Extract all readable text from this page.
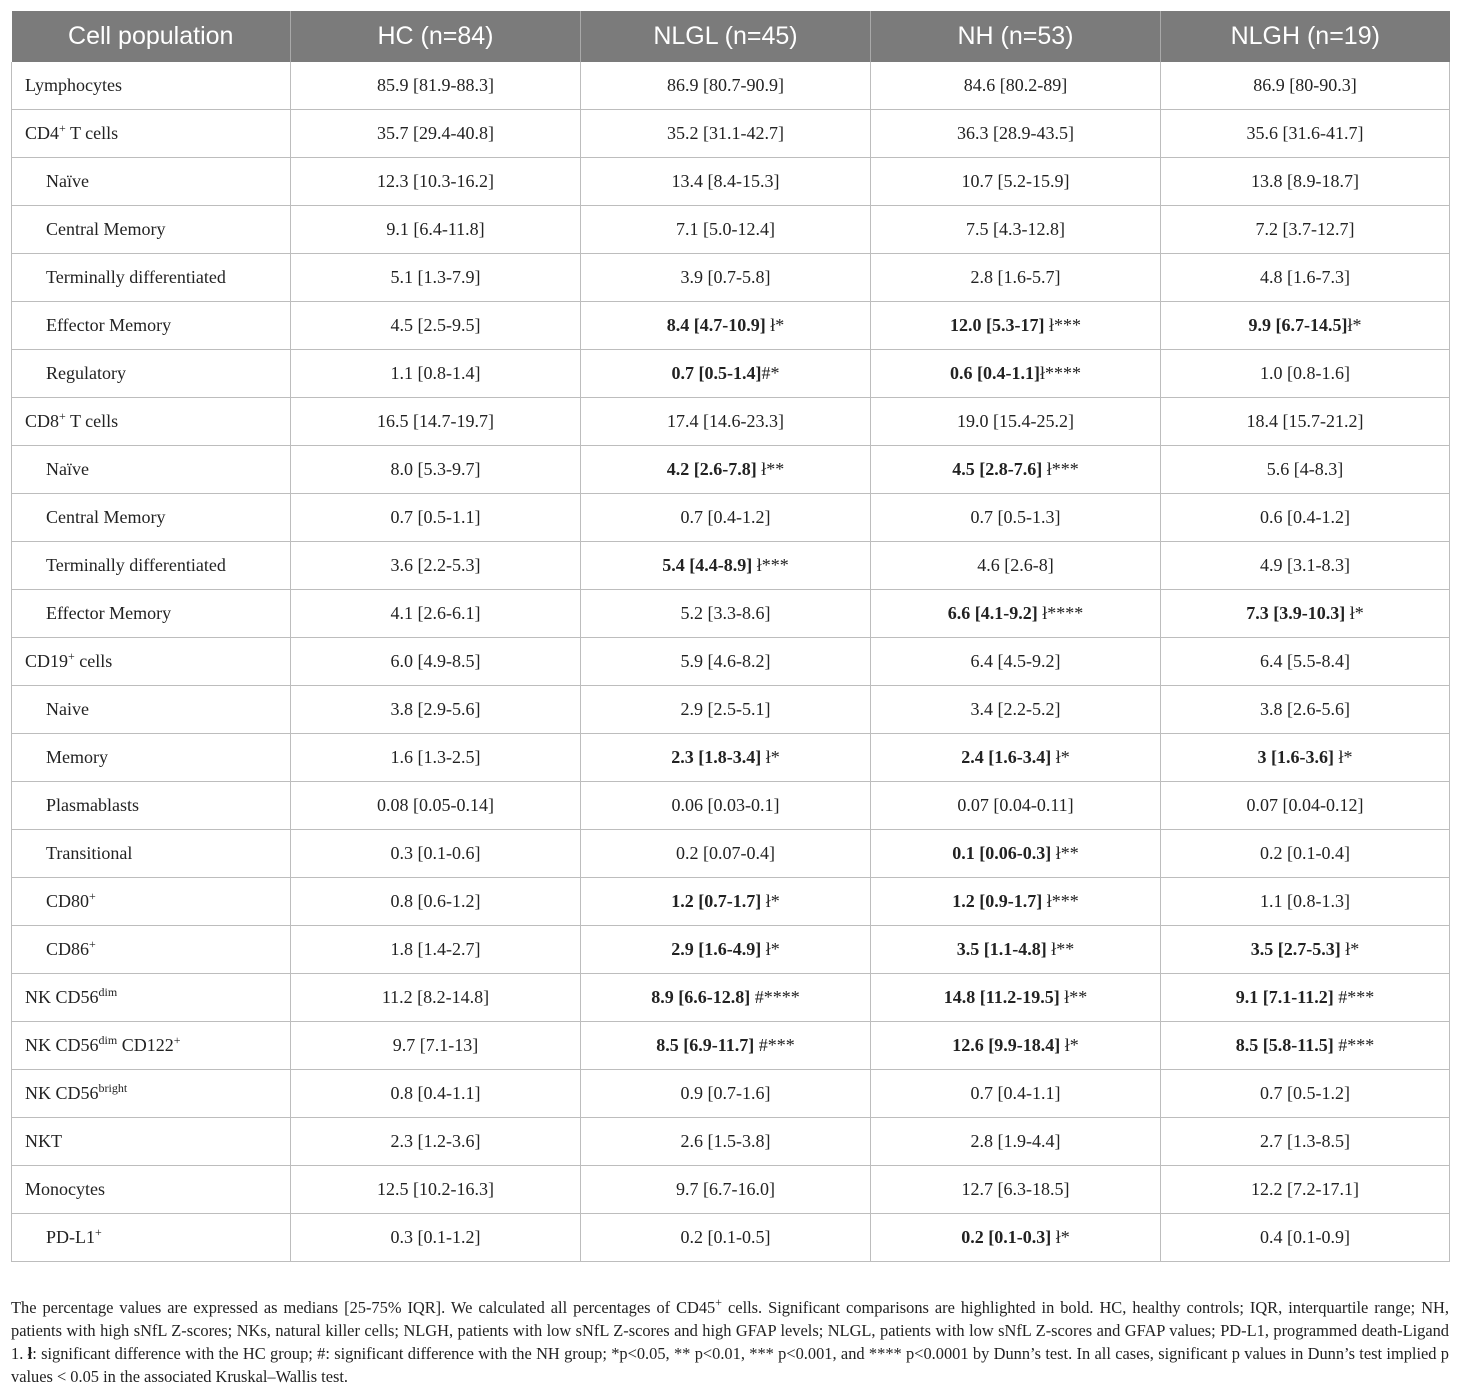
Cell population	HC (n=84)	NLGL (n=45)	NH (n=53)	NLGH (n=19)
Lymphocytes	85.9 [81.9-88.3]	86.9 [80.7-90.9]	84.6 [80.2-89]	86.9 [80-90.3]
CD4+ T cells	35.7 [29.4-40.8]	35.2 [31.1-42.7]	36.3 [28.9-43.5]	35.6 [31.6-41.7]
Naïve	12.3 [10.3-16.2]	13.4 [8.4-15.3]	10.7 [5.2-15.9]	13.8 [8.9-18.7]
Central Memory	9.1 [6.4-11.8]	7.1 [5.0-12.4]	7.5 [4.3-12.8]	7.2 [3.7-12.7]
Terminally differentiated	5.1 [1.3-7.9]	3.9 [0.7-5.8]	2.8 [1.6-5.7]	4.8 [1.6-7.3]
Effector Memory	4.5 [2.5-9.5]	8.4 [4.7-10.9] ł*	12.0 [5.3-17] ł***	9.9 [6.7-14.5]ł*
Regulatory	1.1 [0.8-1.4]	0.7 [0.5-1.4]#*	0.6 [0.4-1.1]ł****	1.0 [0.8-1.6]
CD8+ T cells	16.5 [14.7-19.7]	17.4 [14.6-23.3]	19.0 [15.4-25.2]	18.4 [15.7-21.2]
Naïve	8.0 [5.3-9.7]	4.2 [2.6-7.8] ł**	4.5 [2.8-7.6] ł***	5.6 [4-8.3]
Central Memory	0.7 [0.5-1.1]	0.7 [0.4-1.2]	0.7 [0.5-1.3]	0.6 [0.4-1.2]
Terminally differentiated	3.6 [2.2-5.3]	5.4 [4.4-8.9] ł***	4.6 [2.6-8]	4.9 [3.1-8.3]
Effector Memory	4.1 [2.6-6.1]	5.2 [3.3-8.6]	6.6 [4.1-9.2] ł****	7.3 [3.9-10.3] ł*
CD19+ cells	6.0 [4.9-8.5]	5.9 [4.6-8.2]	6.4 [4.5-9.2]	6.4 [5.5-8.4]
Naive	3.8 [2.9-5.6]	2.9 [2.5-5.1]	3.4 [2.2-5.2]	3.8 [2.6-5.6]
Memory	1.6 [1.3-2.5]	2.3 [1.8-3.4] ł*	2.4 [1.6-3.4] ł*	3 [1.6-3.6] ł*
Plasmablasts	0.08 [0.05-0.14]	0.06 [0.03-0.1]	0.07 [0.04-0.11]	0.07 [0.04-0.12]
Transitional	0.3 [0.1-0.6]	0.2 [0.07-0.4]	0.1 [0.06-0.3] ł**	0.2 [0.1-0.4]
CD80+	0.8 [0.6-1.2]	1.2 [0.7-1.7] ł*	1.2 [0.9-1.7] ł***	1.1 [0.8-1.3]
CD86+	1.8 [1.4-2.7]	2.9 [1.6-4.9] ł*	3.5 [1.1-4.8] ł**	3.5 [2.7-5.3] ł*
NK $CD56^{dim}$	11.2 [8.2-14.8]	8.9 [6.6-12.8] #****	14.8 [11.2-19.5] ł**	9.1 [7.1-11.2] #***
NK $CD56^{dim}$ CD122+	9.7 [7.1-13]	8.5 [6.9-11.7] #***	12.6 [9.9-18.4] ł*	8.5 [5.8-11.5] #***
NK $CD56^{bright}$	0.8 [0.4-1.1]	0.9 [0.7-1.6]	0.7 [0.4-1.1]	0.7 [0.5-1.2]
NKT	2.3 [1.2-3.6]	2.6 [1.5-3.8]	2.8 [1.9-4.4]	2.7 [1.3-8.5]
Monocytes	12.5 [10.2-16.3]	9.7 [6.7-16.0]	12.7 [6.3-18.5]	12.2 [7.2-17.1]
PD-L1+	0.3 [0.1-1.2]	0.2 [0.1-0.5]	0.2 [0.1-0.3] ł*	0.4 [0.1-0.9]
The percentage values are expressed as medians [25-75% IQR]. We calculated all percentages of CD45+ cells. Significant comparisons are highlighted in bold. HC, healthy controls; IQR, interquartile range; NH, patients with high sNfL Z-scores; NKs, natural killer cells; NLGH, patients with low sNfL Z-scores and high GFAP levels; NLGL, patients with low sNfL Z-scores and GFAP values; PD-L1, programmed death-Ligand 1. ł: significant difference with the HC group; #: significant difference with the NH group; *p<0.05, ** p<0.01, *** p<0.001, and **** p<0.0001 by Dunn’s test. In all cases, significant p values in Dunn’s test implied p values < 0.05 in the associated Kruskal–Wallis test.
